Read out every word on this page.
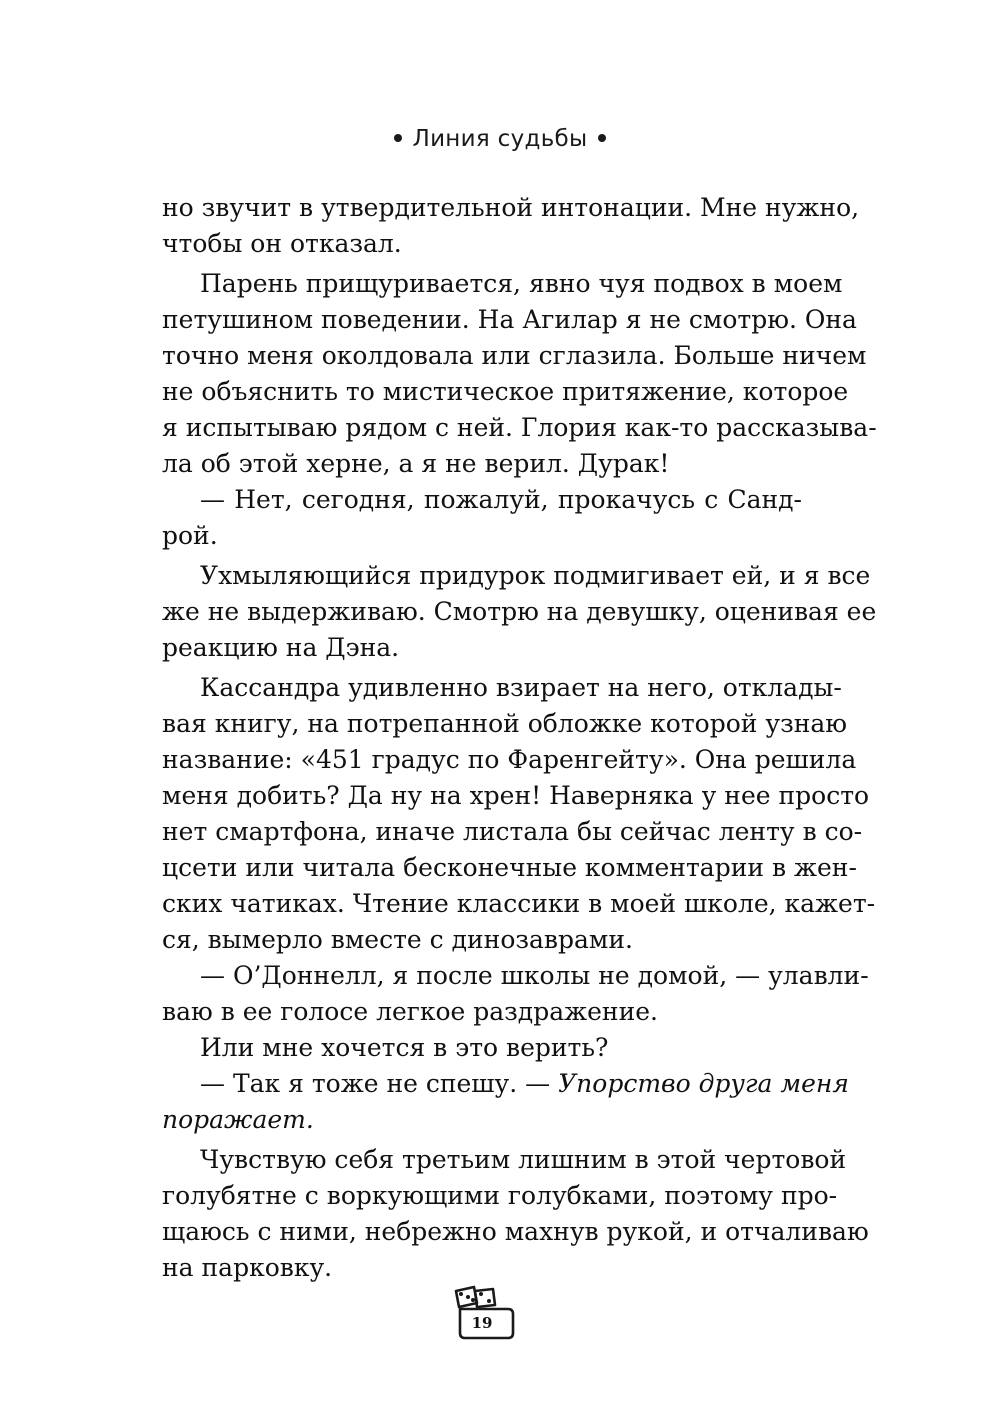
Линия судьбы
но звучит в утвердительной интонации. Мне нужно,
чтобы он отказал.
Парень прищуривается, явно чуя подвох в моем
петушином поведении. На Агилар я не смотрю. Она
точно меня околдовала или сглазила. Больше ничем
не объяснить то мистическое притяжение, которое
я испытываю рядом с ней. Глория как-то рассказыва-
ла об этой херне, а я не верил. Дурак!
— Нет, сегодня, пожалуй, прокачусь с Санд-
рой.
Ухмыляющийся придурок подмигивает ей, и я все
же не выдерживаю. Смотрю на девушку, оценивая ее
реакцию на Дэна.
Кассандра удивленно взирает на него, отклады-
вая книгу, на потрепанной обложке которой узнаю
название: «451 градус по Фаренгейту». Она решила
меня добить? Да ну на хрен! Наверняка у нее просто
нет смартфона, иначе листала бы сейчас ленту в со-
цсети или читала бесконечные комментарии в жен-
ских чатиках. Чтение классики в моей школе, кажет-
ся, вымерло вместе с динозаврами.
— О’Доннелл, я после школы не домой, — улавли-
ваю в ее голосе легкое раздражение.
Или мне хочется в это верить?
— Так я тоже не спешу. — Упорство друга меня
поражает.
Чувствую себя третьим лишним в этой чертовой
голубятне с воркующими голубками, поэтому про-
щаюсь с ними, небрежно махнув рукой, и отчаливаю
на парковку.
19
